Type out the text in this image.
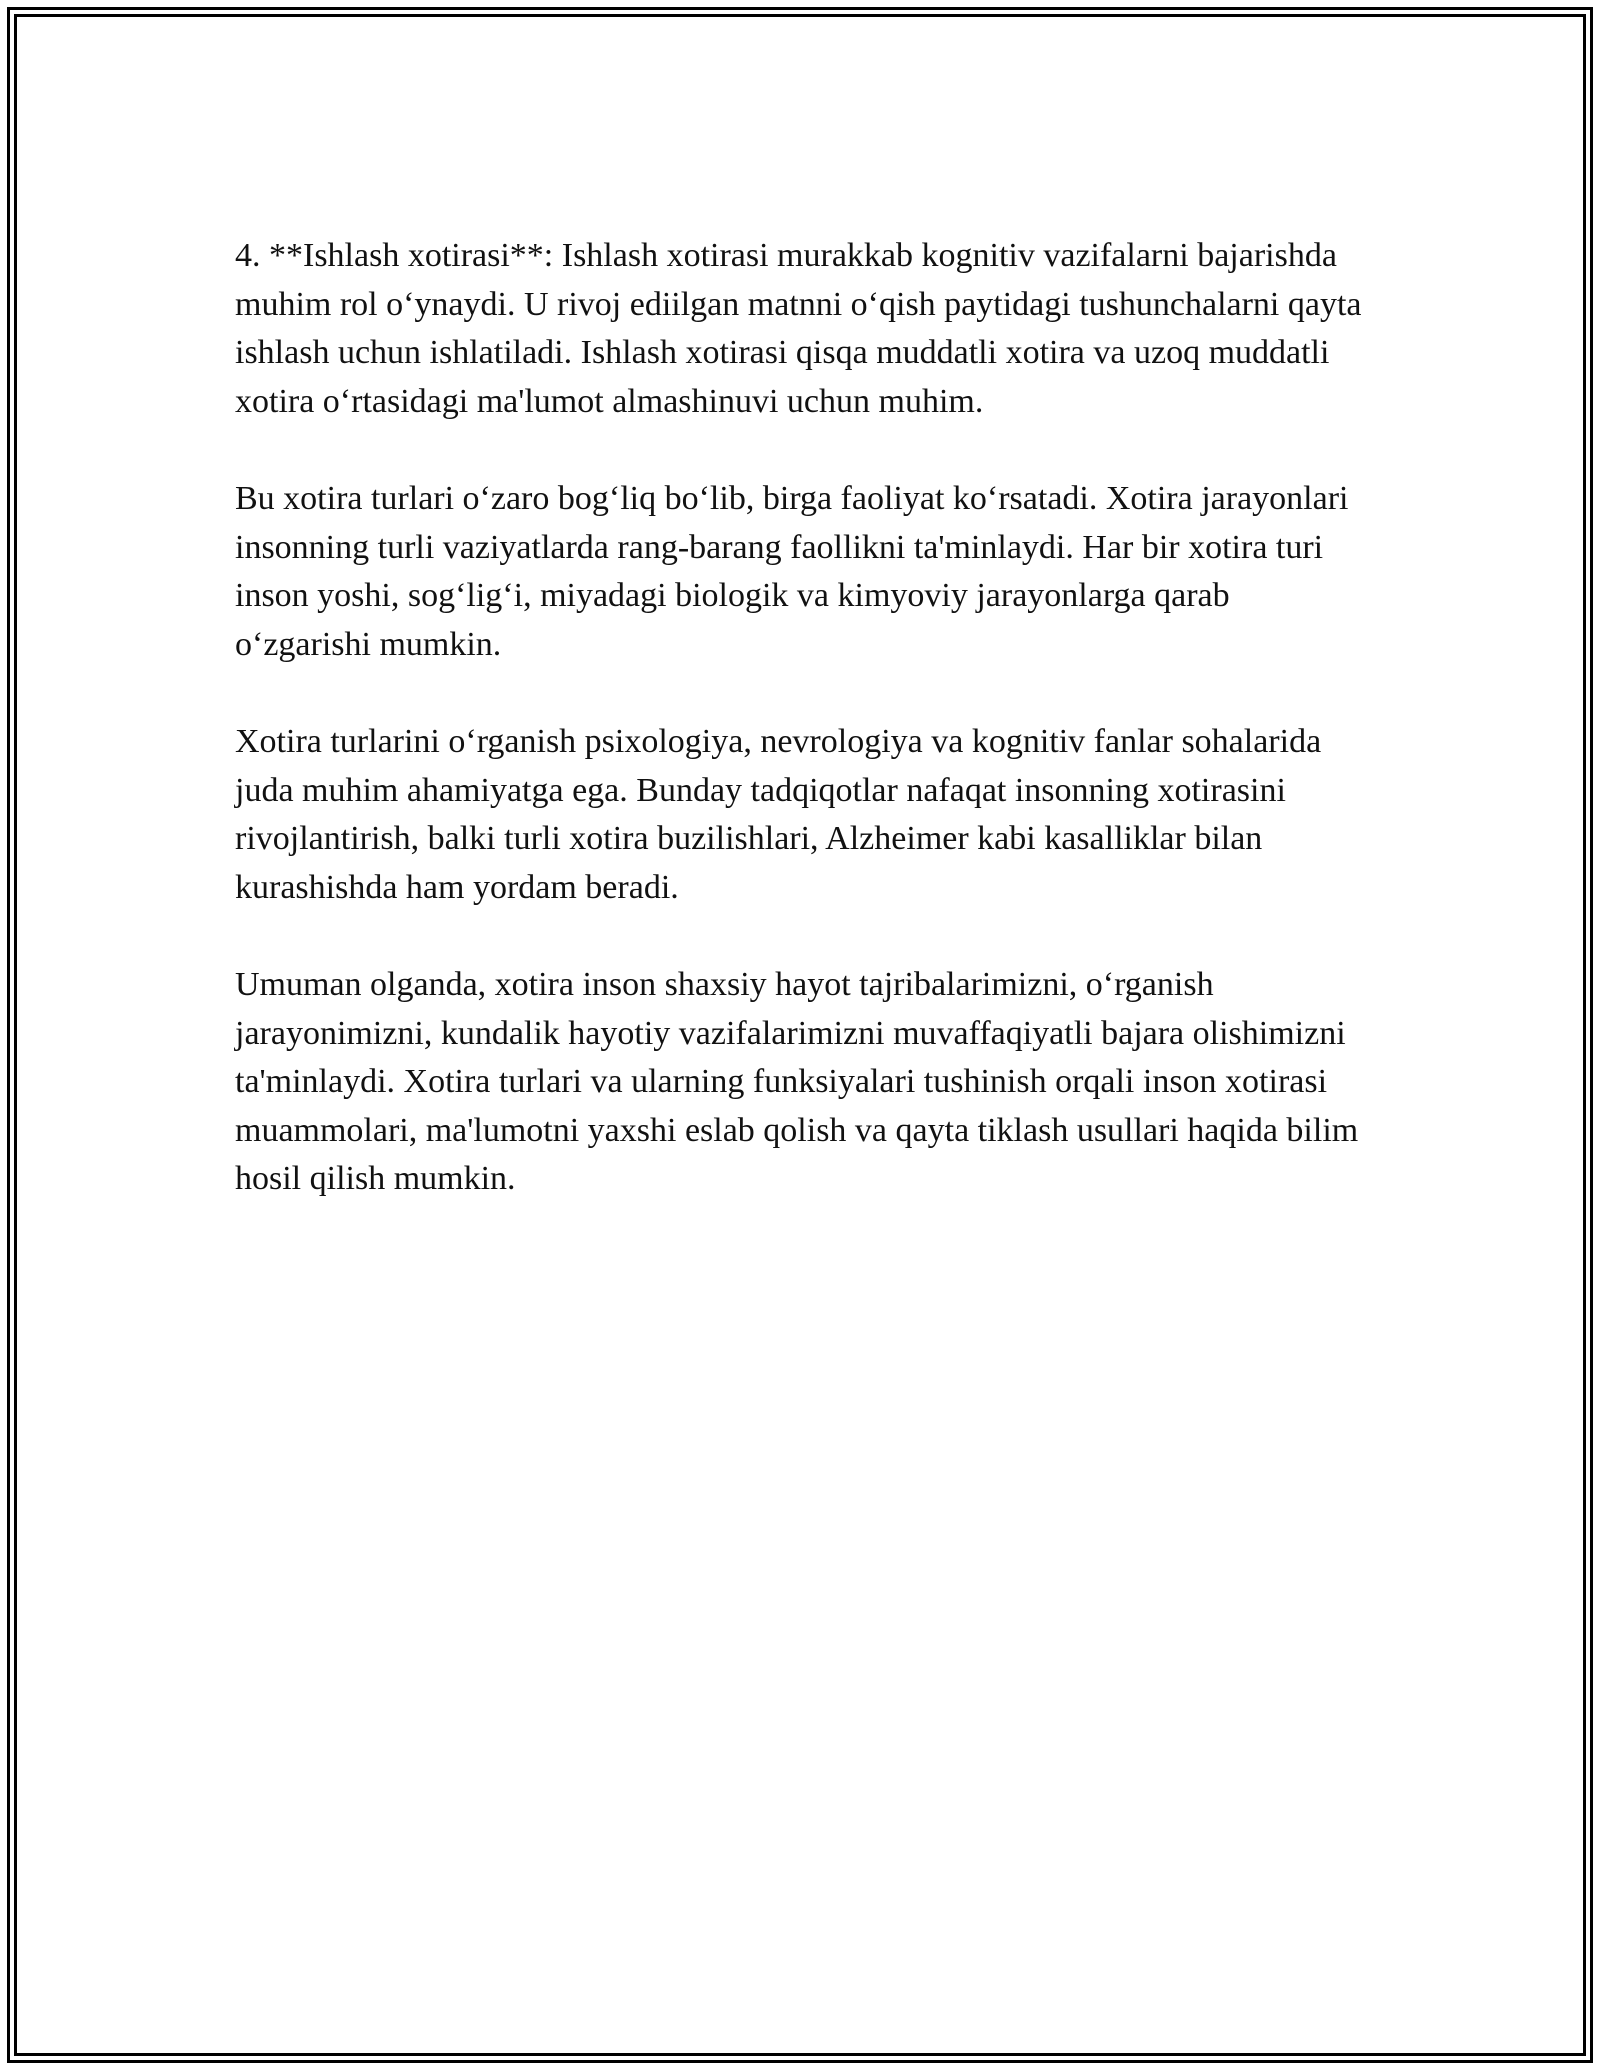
4. **Ishlash xotirasi**: Ishlash xotirasi murakkab kognitiv vazifalarni bajarishda muhim rol o‘ynaydi. U rivoj ediilgan matnni o‘qish paytidagi tushunchalarni qayta ishlash uchun ishlatiladi. Ishlash xotirasi qisqa muddatli xotira va uzoq muddatli xotira o‘rtasidagi ma'lumot almashinuvi uchun muhim.

Bu xotira turlari o‘zaro bog‘liq bo‘lib, birga faoliyat ko‘rsatadi. Xotira jarayonlari insonning turli vaziyatlarda rang-barang faollikni ta'minlaydi. Har bir xotira turi inson yoshi, sog‘lig‘i, miyadagi biologik va kimyoviy jarayonlarga qarab o‘zgarishi mumkin.

Xotira turlarini o‘rganish psixologiya, nevrologiya va kognitiv fanlar sohalarida juda muhim ahamiyatga ega. Bunday tadqiqotlar nafaqat insonning xotirasini rivojlantirish, balki turli xotira buzilishlari, Alzheimer kabi kasalliklar bilan kurashishda ham yordam beradi.

Umuman olganda, xotira inson shaxsiy hayot tajribalarimizni, o‘rganish jarayonimizni, kundalik hayotiy vazifalarimizni muvaffaqiyatli bajara olishimizni ta'minlaydi. Xotira turlari va ularning funksiyalari tushinish orqali inson xotirasi muammolari, ma'lumotni yaxshi eslab qolish va qayta tiklash usullari haqida bilim hosil qilish mumkin.
